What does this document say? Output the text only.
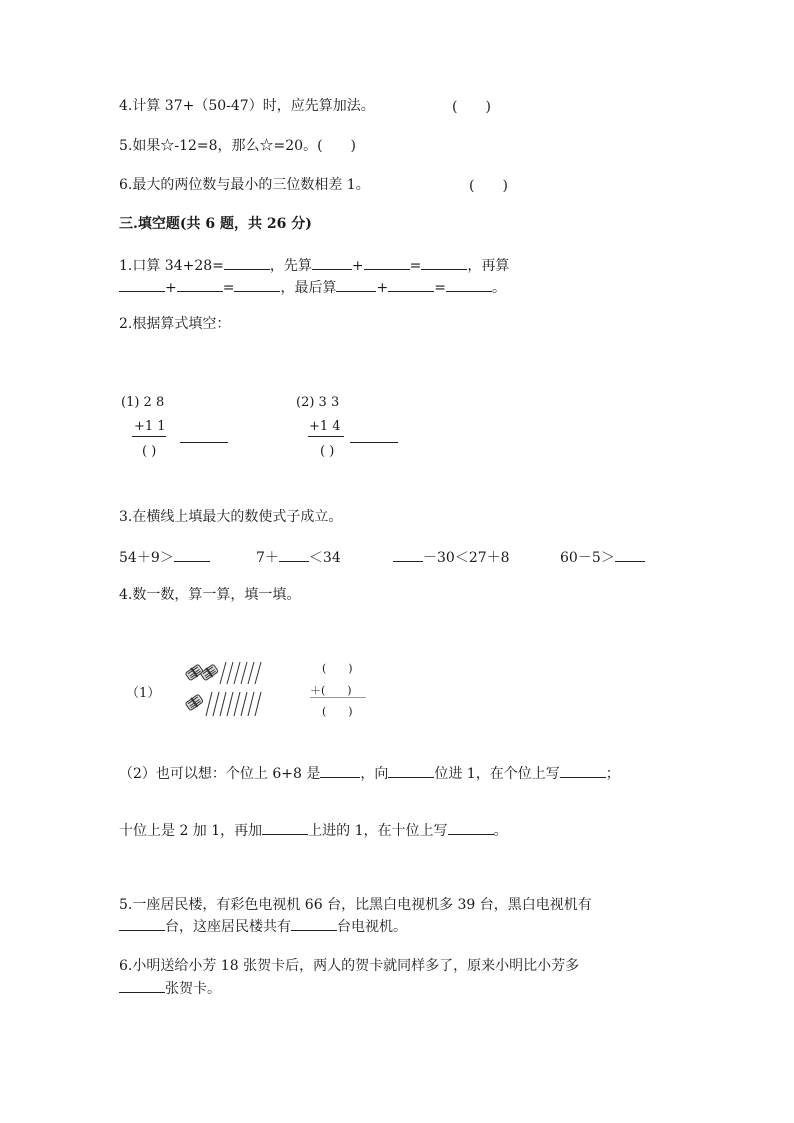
4.计算 37+（50-47）时，应先算加法。	(　　)
5.如果☆-12=8，那么☆=20。(　　)
6.最大的两位数与最小的三位数相差 1。	(　　)
三.填空题(共 6 题，共 26 分)
1.口算 34+28=	，先算	+	=	，再算
+	=	，最后算	+	=	。
2.根据算式填空：
(1) 2 8
+1 1
( )
(2) 3 3
+1 4
( )
3.在横线上填最大的数使式子成立。
54＋9＞	7＋ ＜34	－30＜27＋8	60－5＞
4.数一数，算一算，填一填。
（1）
(　　)
＋(　　)
(　　)
（2）也可以想：个位上 6+8 是	，向	位进 1，在个位上写	；
十位上是 2 加 1，再加	上进的 1，在十位上写	。
5.一座居民楼，有彩色电视机 66 台，比黑白电视机多 39 台，黑白电视机有
台，这座居民楼共有	台电视机。
6.小明送给小芳 18 张贺卡后，两人的贺卡就同样多了，原来小明比小芳多
张贺卡。
